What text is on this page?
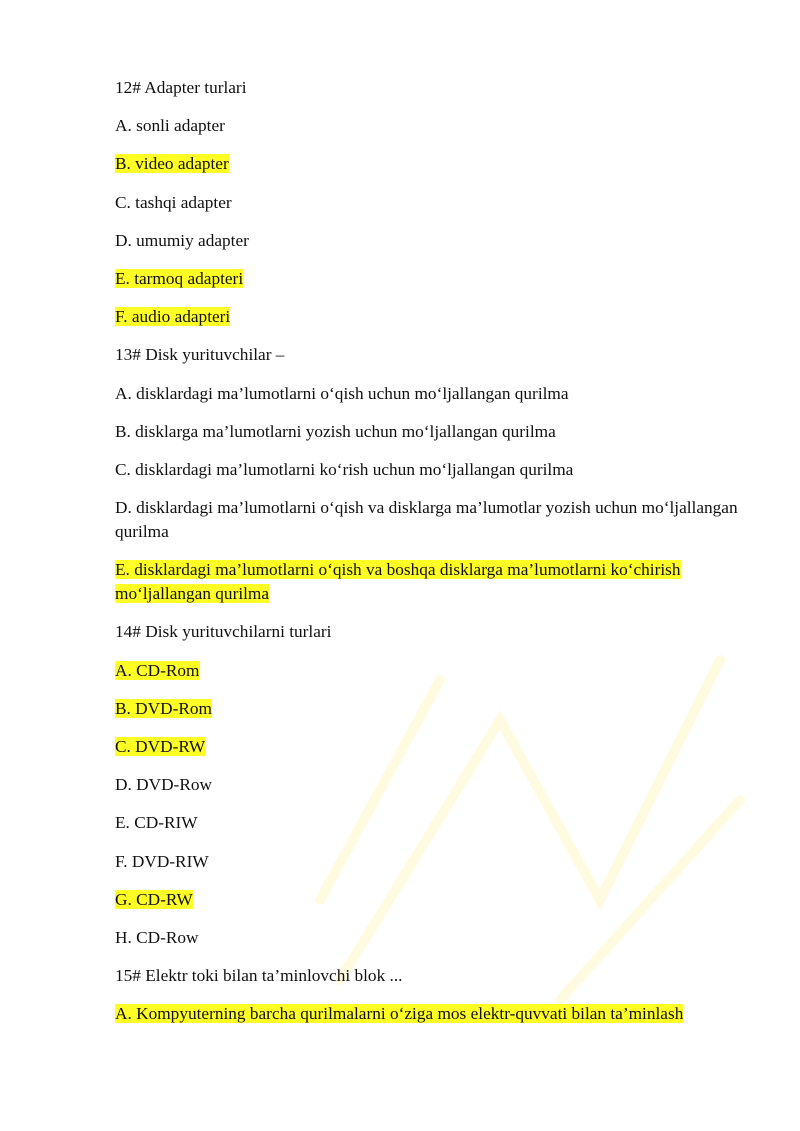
12# Adapter turlari
A. sonli adapter
B. video adapter
C. tashqi adapter
D. umumiy adapter
E. tarmoq adapteri
F. audio adapteri
13# Disk yurituvchilar –
A. disklardagi ma’lumotlarni o‘qish uchun mo‘ljallangan qurilma
B. disklarga ma’lumotlarni yozish uchun mo‘ljallangan qurilma
C. disklardagi ma’lumotlarni ko‘rish uchun mo‘ljallangan qurilma
D. disklardagi ma’lumotlarni o‘qish va disklarga ma’lumotlar yozish uchun mo‘ljallangan qurilma
E. disklardagi ma’lumotlarni o‘qish va boshqa disklarga ma’lumotlarni ko‘chirish mo‘ljallangan qurilma
14# Disk yurituvchilarni turlari
A. CD-Rom
B. DVD-Rom
C. DVD-RW
D. DVD-Row
E. CD-RIW
F. DVD-RIW
G. CD-RW
H. CD-Row
15# Elektr toki bilan ta’minlovchi blok ...
A. Kompyuterning barcha qurilmalarni o‘ziga mos elektr-quvvati bilan ta’minlash
